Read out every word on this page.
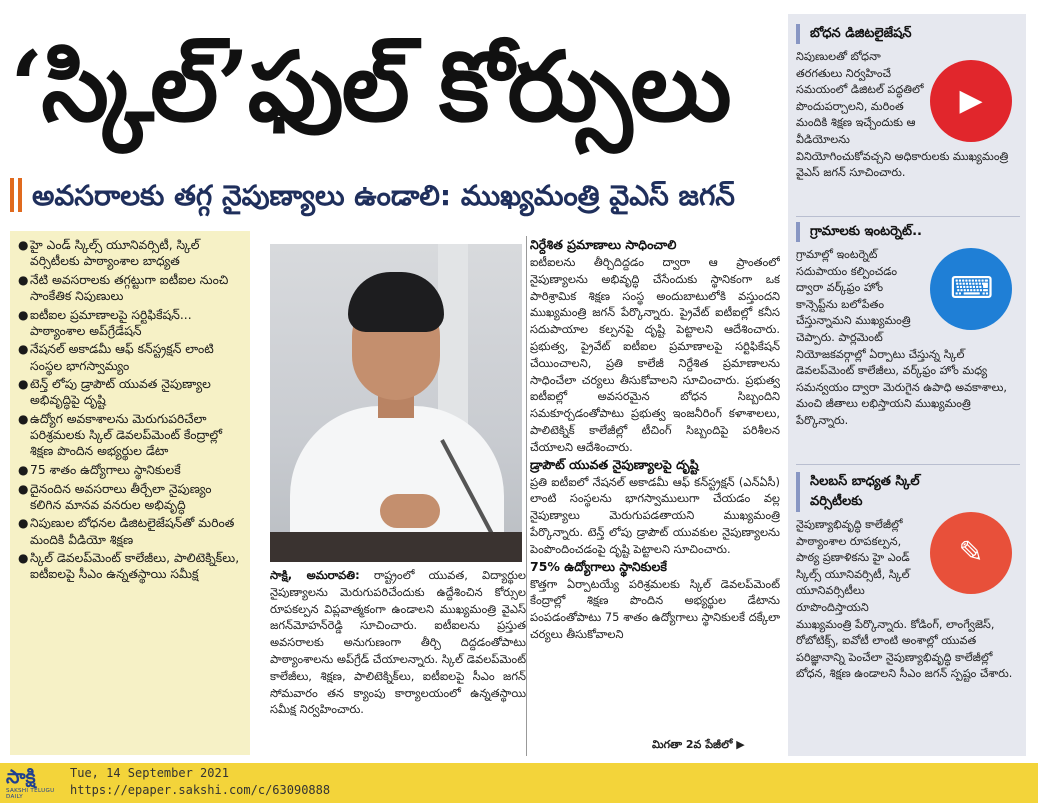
‘స్కిల్’ఫుల్ కోర్సులు
అవసరాలకు తగ్గ నైపుణ్యాలు ఉండాలి: ముఖ్యమంత్రి వైఎస్ జగన్
● హై ఎండ్ స్కిల్స్ యూనివర్సిటీ, స్కిల్ వర్సిటీలకు పాఠ్యాంశాల బాధ్యత
● నేటి అవసరాలకు తగ్గట్టుగా ఐటీఐల నుంచి సాంకేతిక నిపుణులు
● ఐటీఐల ప్రమాణాలపై సర్టిఫికేషన్... పాఠ్యాంశాల అప్‌గ్రేడేషన్
● నేషనల్ అకాడమీ ఆఫ్ కన్‌స్ట్రక్షన్ లాంటి సంస్థల భాగస్వామ్యం
● టెన్త్ లోపు డ్రాపౌట్ యువత నైపుణ్యాల అభివృద్ధిపై దృష్టి
● ఉద్యోగ అవకాశాలను మెరుగుపరిచేలా పరిశ్రమలకు స్కిల్ డెవలప్‌మెంట్ కేంద్రాల్లో శిక్షణ పొందిన అభ్యర్థుల డేటా
● 75 శాతం ఉద్యోగాలు స్థానికులకే
● దైనందిన అవసరాలు తీర్చేలా నైపుణ్యం కలిగిన మానవ వనరుల అభివృద్ధి
● నిపుణుల బోధనల డిజిటలైజేషన్‌తో మరింత మందికి వీడియో శిక్షణ
● స్కిల్ డెవలప్‌మెంట్ కాలేజీలు, పాలిటెక్నిక్‌లు, ఐటీఐలపై సీఎం ఉన్నతస్థాయి సమీక్ష	సాక్షి, అమరావతి: రాష్ట్రంలో యువత, విద్యార్థుల నైపుణ్యాలను మెరుగుపరిచేందుకు ఉద్దేశించిన కోర్సుల రూపకల్పన విప్లవాత్మకంగా ఉండాలని ముఖ్యమంత్రి వైఎస్ జగన్‌మోహన్‌రెడ్డి సూచించారు. ఐటీఐలను ప్రస్తుత అవసరాలకు అనుగుణంగా తీర్చి దిద్దడంతోపాటు పాఠ్యాంశాలను అప్‌గ్రేడ్ చేయాలన్నారు. స్కిల్ డెవలప్‌మెంట్ కాలేజీలు, శిక్షణ, పాలిటెక్నిక్‌లు, ఐటీఐలపై సీఎం జగన్ సోమవారం తన క్యాంపు కార్యాలయంలో ఉన్నతస్థాయి సమీక్ష నిర్వహించారు.
నిర్దేశిత ప్రమాణాలు సాధించాలి
ఐటీఐలను తీర్చిదిద్దడం ద్వారా ఆ ప్రాంతంలో నైపుణ్యాలను అభివృద్ధి చేసేందుకు స్థానికంగా ఒక పారిశ్రామిక శిక్షణ సంస్థ అందుబాటులోకి వస్తుందని ముఖ్యమంత్రి జగన్ పేర్కొన్నారు. ప్రైవేట్ ఐటీఐల్లో కనీస సదుపాయాల కల్పనపై దృష్టి పెట్టాలని ఆదేశించారు. ప్రభుత్వ, ప్రైవేట్ ఐటీఐల ప్రమాణాలపై సర్టిఫికేషన్ చేయించాలని, ప్రతి కాలేజీ నిర్దేశిత ప్రమాణాలను సాధించేలా చర్యలు తీసుకోవాలని సూచించారు. ప్రభుత్వ ఐటీఐల్లో అవసరమైన బోధన సిబ్బందిని సమకూర్చడంతోపాటు ప్రభుత్వ ఇంజనీరింగ్ కళాశాలలు, పాలిటెక్నిక్ కాలేజీల్లో టీచింగ్ సిబ్బందిపై పరిశీలన చేయాలని ఆదేశించారు.
డ్రాపౌట్ యువత నైపుణ్యాలపై దృష్టి
ప్రతి ఐటీఐలో నేషనల్ అకాడమీ ఆఫ్ కన్‌స్ట్రక్షన్ (ఎన్‌ఏసీ) లాంటి సంస్థలను భాగస్వాములుగా చేయడం వల్ల నైపుణ్యాలు మెరుగుపడతాయని ముఖ్యమంత్రి పేర్కొన్నారు. టెన్త్ లోపు డ్రాపౌట్ యువకుల నైపుణ్యాలను పెంపొందించడంపై దృష్టి పెట్టాలని సూచించారు.
75% ఉద్యోగాలు స్థానికులకే
కొత్తగా ఏర్పాటయ్యే పరిశ్రమలకు స్కిల్ డెవలప్‌మెంట్ కేంద్రాల్లో శిక్షణ పొందిన అభ్యర్థుల డేటాను పంపడంతోపాటు 75 శాతం ఉద్యోగాలు స్థానికులకే దక్కేలా చర్యలు తీసుకోవాలని
మిగతా 2వ పేజీలో ▶
బోధన డిజిటలైజేషన్
నిపుణులతో బోధనా తరగతులు నిర్వహించే సమయంలో డిజిటల్ పద్ధతిలో పొందుపర్చాలని, మరింత మందికి శిక్షణ ఇచ్చేందుకు ఆ వీడియోలను వినియోగించుకోవచ్చని అధికారులకు ముఖ్యమంత్రి వైఎస్ జగన్ సూచించారు.
▶
గ్రామాలకు ఇంటర్నెట్..
గ్రామాల్లో ఇంటర్నెట్ సదుపాయం కల్పించడం ద్వారా వర్క్‌ఫ్రం హోం కాన్సెప్ట్‌ను బలోపేతం చేస్తున్నామని ముఖ్యమంత్రి చెప్పారు. పార్లమెంట్ నియోజకవర్గాల్లో ఏర్పాటు చేస్తున్న స్కిల్ డెవలప్‌మెంట్ కాలేజీలు, వర్క్‌ఫ్రం హోం మధ్య సమన్వయం ద్వారా మెరుగైన ఉపాధి అవకాశాలు, మంచి జీతాలు లభిస్తాయని ముఖ్యమంత్రి పేర్కొన్నారు.
⌨
సిలబస్ బాధ్యత స్కిల్ వర్సిటీలకు
నైపుణ్యాభివృద్ధి కాలేజీల్లో పాఠ్యాంశాల రూపకల్పన, పాఠ్య ప్రణాళికను హై ఎండ్ స్కిల్స్ యూనివర్సిటీ, స్కిల్ యూనివర్సిటీలు రూపొందిస్తాయని ముఖ్యమంత్రి పేర్కొన్నారు. కోడింగ్, లాంగ్వేజెస్, రోబోటిక్స్, ఐవోటీ లాంటి అంశాల్లో యువత పరిజ్ఞానాన్ని పెంచేలా నైపుణ్యాభివృద్ధి కాలేజీల్లో బోధన, శిక్షణ ఉండాలని సీఎం జగన్ స్పష్టం చేశారు.
✎
సాక్షి
SAKSHI TELUGU DAILY
Tue, 14 September 2021
https://epaper.sakshi.com/c/63090888
